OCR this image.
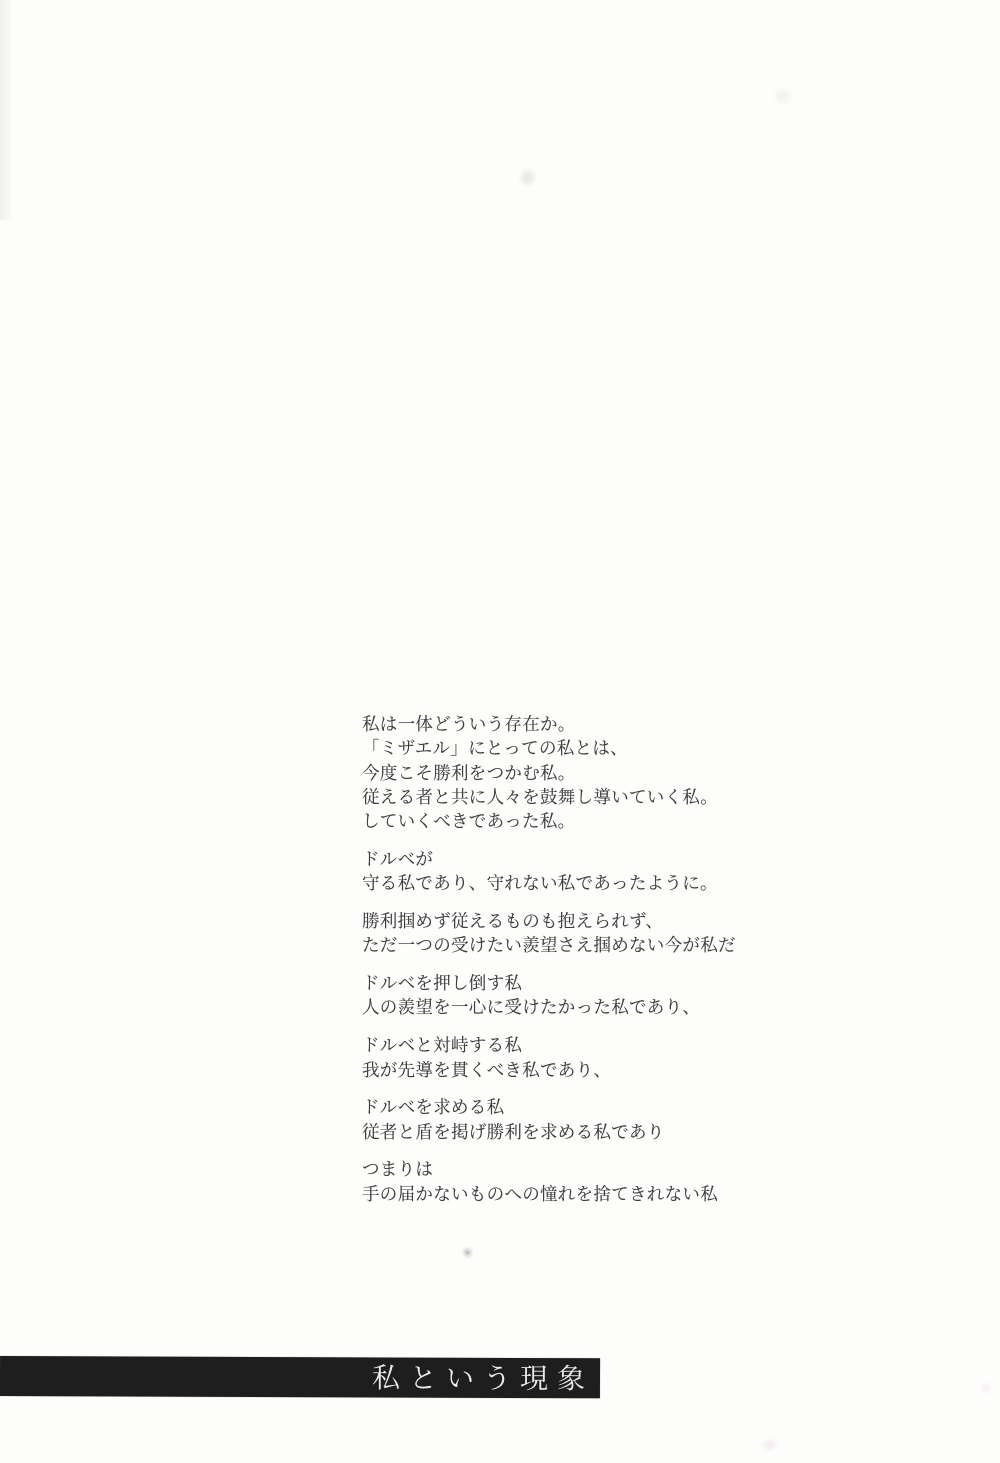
私は一体どういう存在か。
「ミザエル」にとっての私とは、
今度こそ勝利をつかむ私。
従える者と共に人々を鼓舞し導いていく私。
していくべきであった私。
ドルベが
守る私であり、守れない私であったように。
勝利掴めず従えるものも抱えられず、
ただ一つの受けたい羨望さえ掴めない今が私だ
ドルベを押し倒す私
人の羨望を一心に受けたかった私であり、
ドルベと対峙する私
我が先導を貫くべき私であり、
ドルベを求める私
従者と盾を掲げ勝利を求める私であり
つまりは
手の届かないものへの憧れを捨てきれない私
私という現象
